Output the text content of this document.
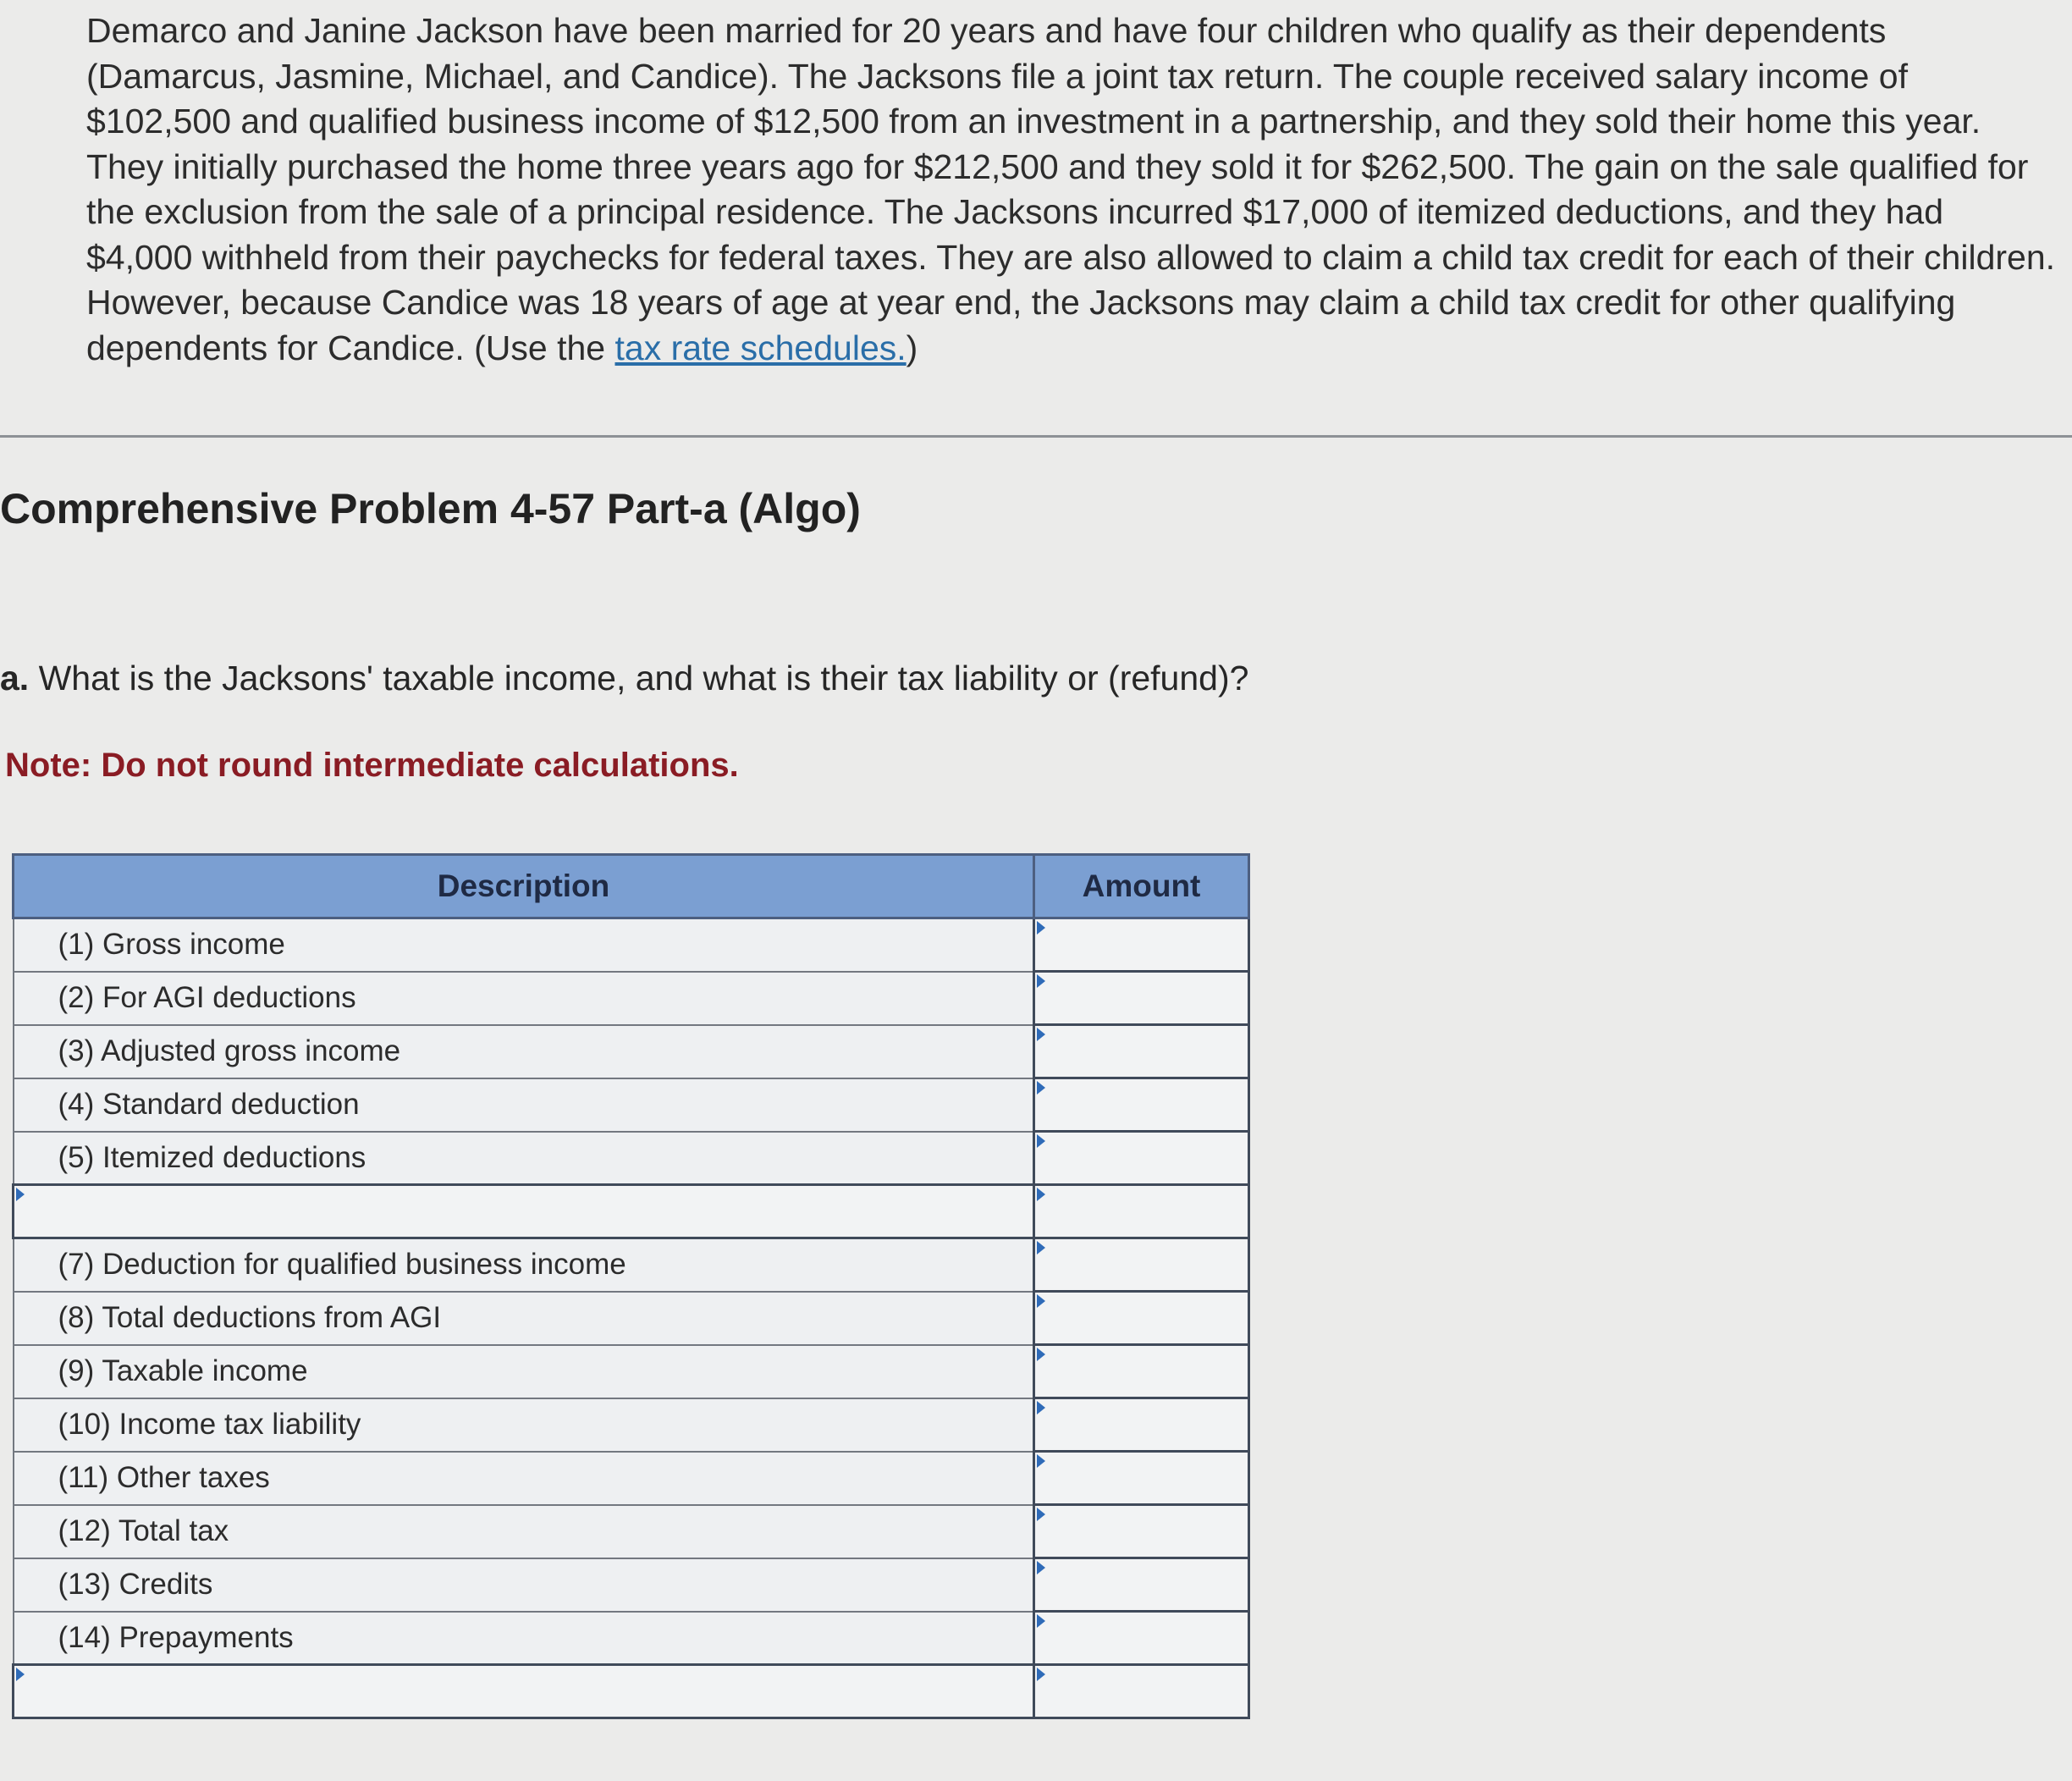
Demarco and Janine Jackson have been married for 20 years and have four children who qualify as their dependents (Damarcus, Jasmine, Michael, and Candice). The Jacksons file a joint tax return. The couple received salary income of $102,500 and qualified business income of $12,500 from an investment in a partnership, and they sold their home this year. They initially purchased the home three years ago for $212,500 and they sold it for $262,500. The gain on the sale qualified for the exclusion from the sale of a principal residence. The Jacksons incurred $17,000 of itemized deductions, and they had $4,000 withheld from their paychecks for federal taxes. They are also allowed to claim a child tax credit for each of their children. However, because Candice was 18 years of age at year end, the Jacksons may claim a child tax credit for other qualifying dependents for Candice. (Use the tax rate schedules.)

Comprehensive Problem 4-57 Part-a (Algo)
a. What is the Jacksons' taxable income, and what is their tax liability or (refund)?
Note: Do not round intermediate calculations.
Description	Amount
(1) Gross income	

(2) For AGI deductions	

(3) Adjusted gross income	

(4) Standard deduction	

(5) Itemized deductions	

(7) Deduction for qualified business income	

(8) Total deductions from AGI	

(9) Taxable income	

(10) Income tax liability	

(11) Other taxes	

(12) Total tax	

(13) Credits	

(14) Prepayments	
